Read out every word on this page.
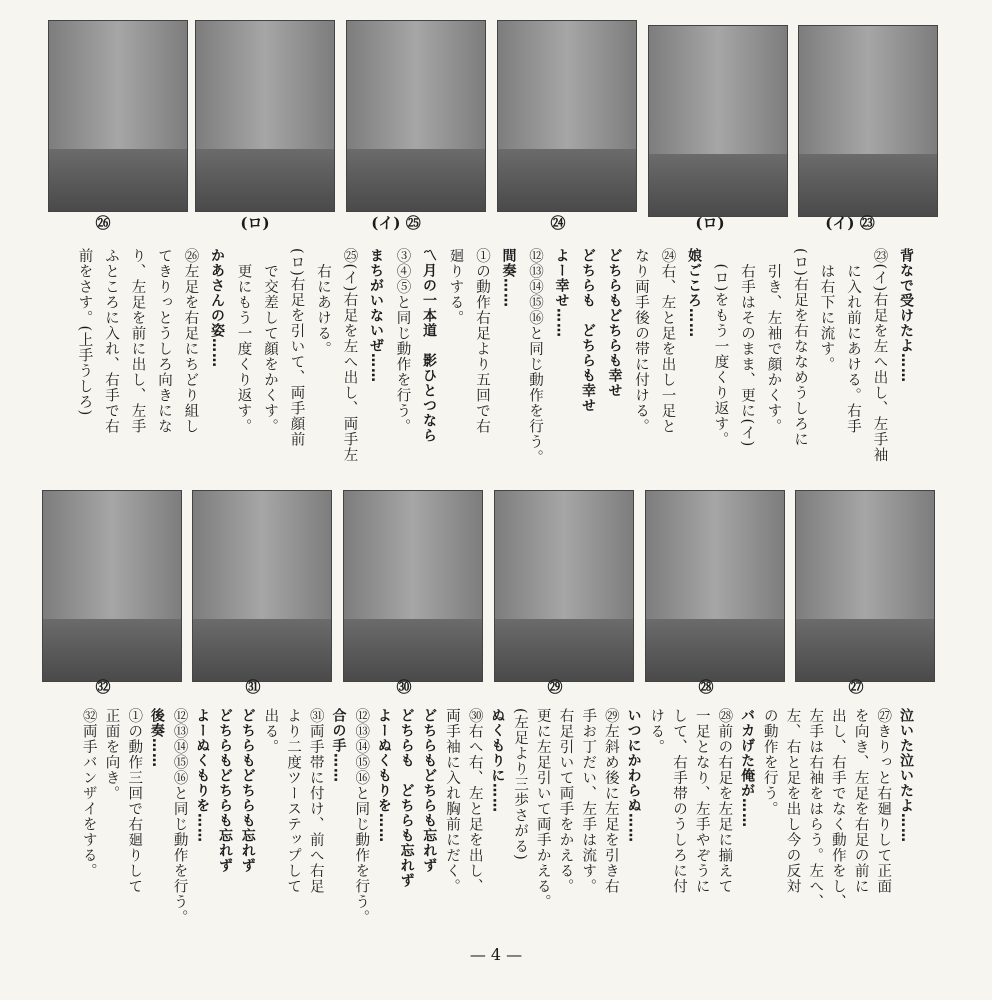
㉖	(ロ)	(イ) ㉕	㉔	(ロ)	(イ) ㉓
㉜	㉛	㉚	㉙	㉘	㉗
背なで受けたよ……
㉓(イ)右足を左へ出し、左手袖
　に入れ前にあける。右手
　は右下に流す。
(ロ)右足を右ななめうしろに
　引き、左袖で顔かくす。
　右手はそのまま、更に(イ)
　(ロ)をもう一度くり返す。
娘ごころ……
㉔右、左と足を出し一足と
なり両手後の帯に付ける。
どちらもどちらも幸せ
どちらも　どちらも幸せ
よー幸せ……
⑫⑬⑭⑮⑯と同じ動作を行う。
間奏……
①の動作右足より五回で右
廻りする。
〽月の一本道　影ひとつなら
③④⑤と同じ動作を行う。
まちがいないぜ……
㉕(イ)右足を左へ出し、両手左
　右にあける。
(ロ)右足を引いて、両手顔前
　で交差して顔をかくす。
　更にもう一度くり返す。
かあさんの姿……
㉖左足を右足にちどり組し
てきりっとうしろ向きにな
り、左足を前に出し、左手
ふところに入れ、右手で右
前をさす。(上手うしろ)
泣いた泣いたよ……
㉗きりっと右廻りして正面
を向き、左足を右足の前に
出し、右手でなく動作をし、
左手は右袖をはらう。左へ、
左、右と足を出し今の反対
の動作を行う。
バカげた俺が……
㉘前の右足を左足に揃えて
一足となり、左手やぞうに
して、右手帯のうしろに付
ける。
いつにかわらぬ……
㉙左斜め後に左足を引き右
手お丁だい、左手は流す。
右足引いて両手をかえる。
更に左足引いて両手かえる。
(左足より三歩さがる)
ぬくもりに……
㉚右へ右、左と足を出し、
両手袖に入れ胸前にだく。
どちらもどちらも忘れず
どちらも　どちらも忘れず
よーぬくもりを……
⑫⑬⑭⑮⑯と同じ動作を行う。
合の手……
㉛両手帯に付け、前へ右足
より二度ツーステップして
出る。
どちらもどちらも忘れず
どちらもどちらも忘れず
よーぬくもりを……
⑫⑬⑭⑮⑯と同じ動作を行う。
後奏……
①の動作三回で右廻りして
正面を向き。
㉜両手バンザイをする。
— 4 —
